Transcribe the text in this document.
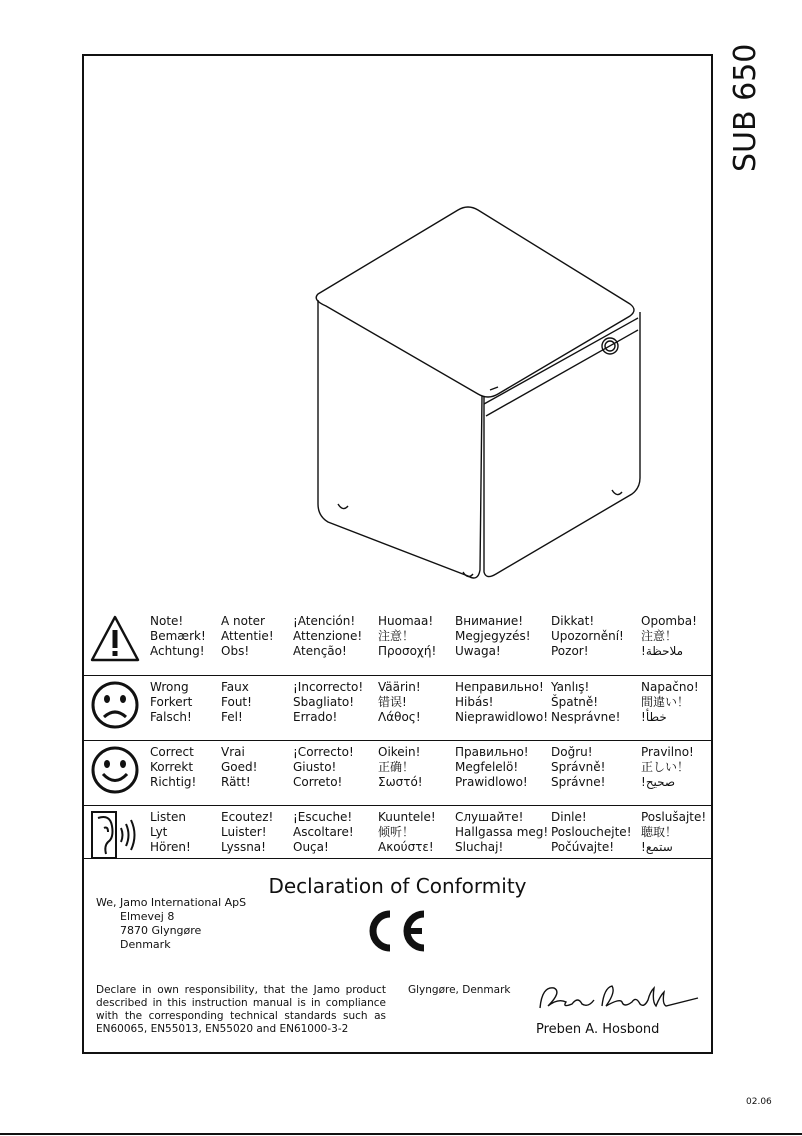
SUB 650
Note!
Bemærk!
Achtung!
A noter
Attentie!
Obs!
¡Atención!
Attenzione!
Atenção!
Huomaa!
注意！
Προσοχή!
Внимание!
Megjegyzés!
Uwaga!
Dikkat!
Upozornění!
Pozor!
Opomba!
注意！
!ملاحظة
Wrong
Forkert
Falsch!
Faux
Fout!
Fel!
¡Incorrecto!
Sbagliato!
Errado!
Väärin!
错误!
Λάθος!
Неправильно!
Hibás!
Nieprawidlowo!
Yanlış!
Špatně!
Nesprávne!
Napačno!
間違い！
!خطأ
Correct
Korrekt
Richtig!
Vrai
Goed!
Rätt!
¡Correcto!
Giusto!
Correto!
Oikein!
正确！
Σωστό!
Правильно!
Megfelelö!
Prawidlowo!
Doğru!
Správně!
Správne!
Pravilno!
正しい！
!صحيح
Listen
Lyt
Hören!
Ecoutez!
Luister!
Lyssna!
¡Escuche!
Ascoltare!
Ouça!
Kuuntele!
倾听！
Ακούστε!
Слушайте!
Hallgassa meg!
Sluchaj!
Dinle!
Poslouchejte!
Počúvajte!
Poslušajte!
聴取！
!ستمع
Declaration of Conformity
We, Jamo International ApS
Elmevej 8
7870 Glyngøre
Denmark
Declare in own responsibility, that the Jamo product described in this instruction manual is in compliance with the corresponding technical standards such as EN60065, EN55013, EN55020 and EN61000-3-2
Glyngøre, Denmark
Preben A. Hosbond
02.06
